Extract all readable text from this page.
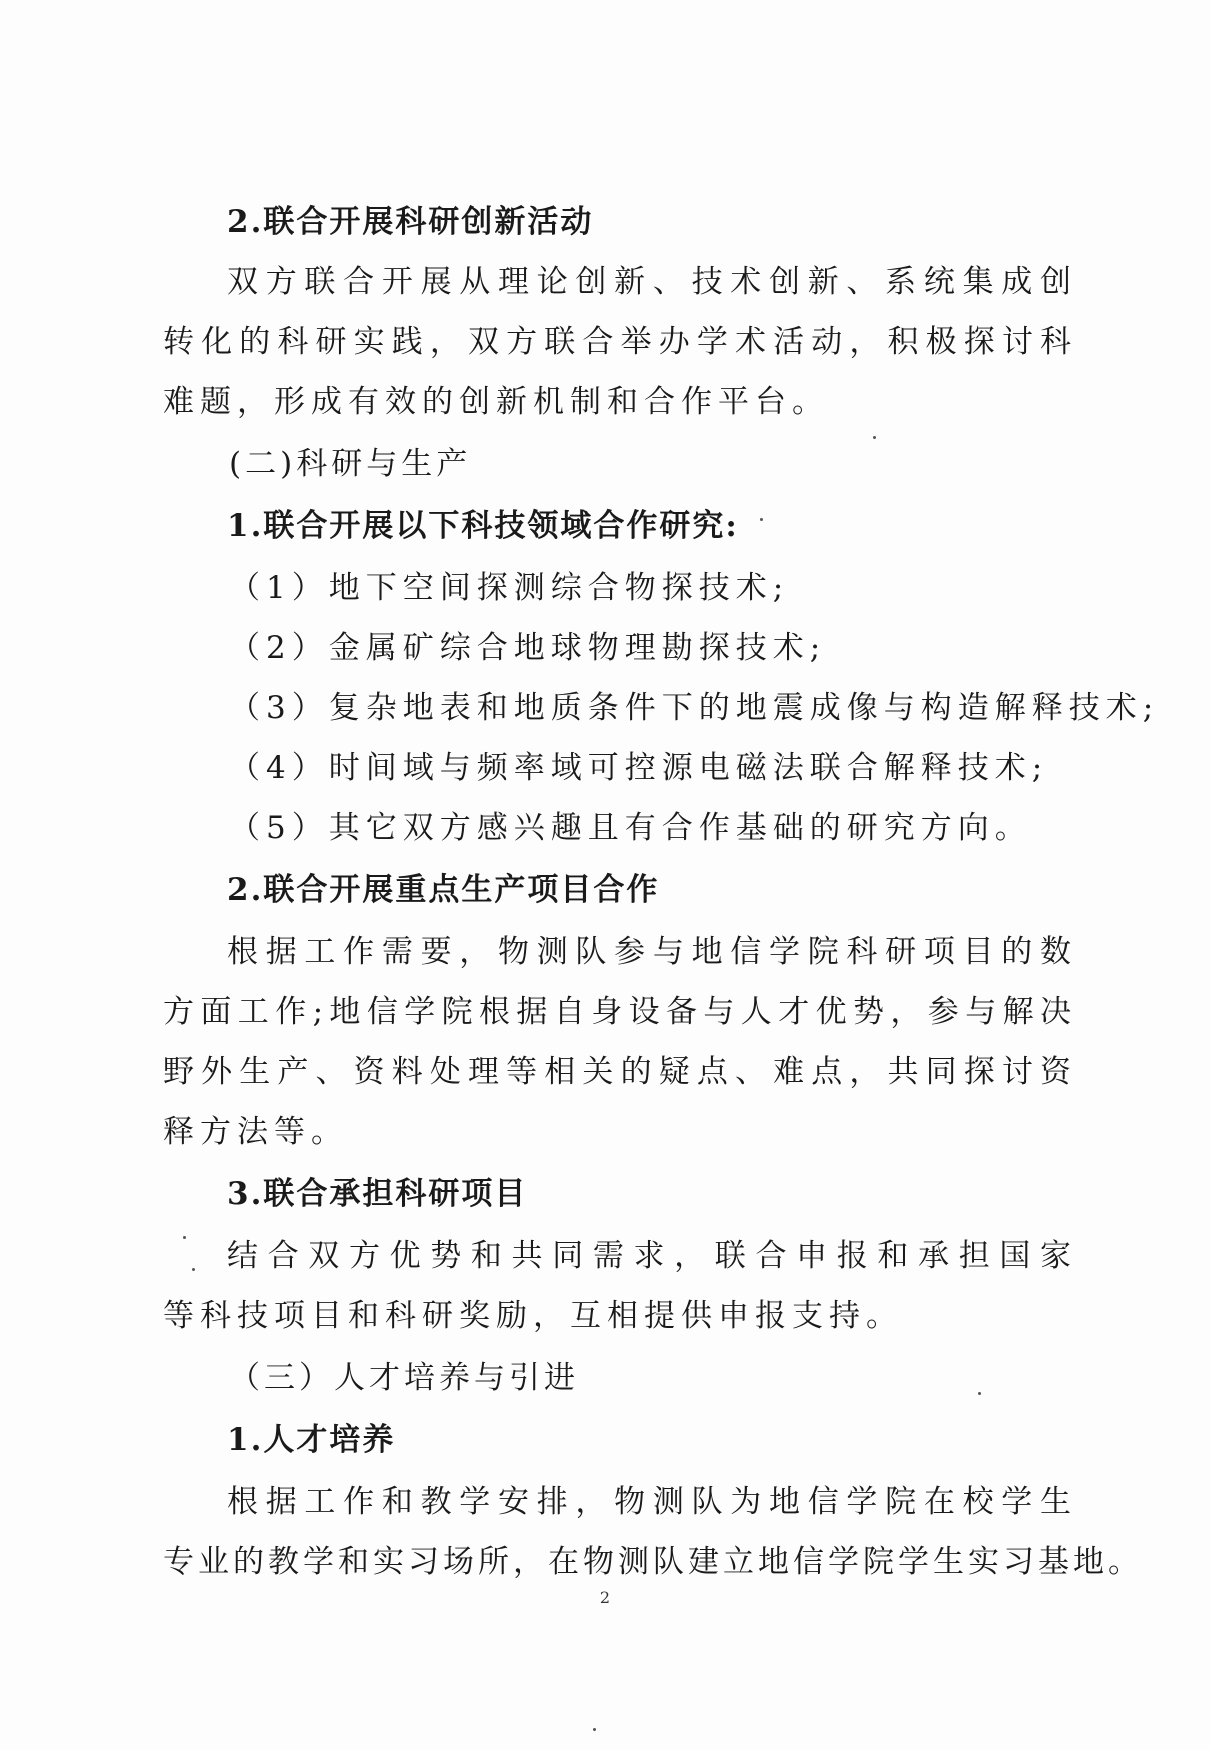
2.联合开展科研创新活动
双方联合开展从理论创新、技术创新、系统集成创
转化的科研实践，双方联合举办学术活动，积极探讨科
难题，形成有效的创新机制和合作平台。
(二)科研与生产
1.联合开展以下科技领域合作研究:
（1）地下空间探测综合物探技术;
（2）金属矿综合地球物理勘探技术;
（3）复杂地表和地质条件下的地震成像与构造解释技术;
（4）时间域与频率域可控源电磁法联合解释技术;
（5）其它双方感兴趣且有合作基础的研究方向。
2.联合开展重点生产项目合作
根据工作需要，物测队参与地信学院科研项目的数
方面工作;地信学院根据自身设备与人才优势，参与解决
野外生产、资料处理等相关的疑点、难点，共同探讨资
释方法等。
3.联合承担科研项目
结合双方优势和共同需求，联合申报和承担国家
等科技项目和科研奖励，互相提供申报支持。
（三）人才培养与引进
1.人才培养
根据工作和教学安排，物测队为地信学院在校学生
专业的教学和实习场所，在物测队建立地信学院学生实习基地。
2
